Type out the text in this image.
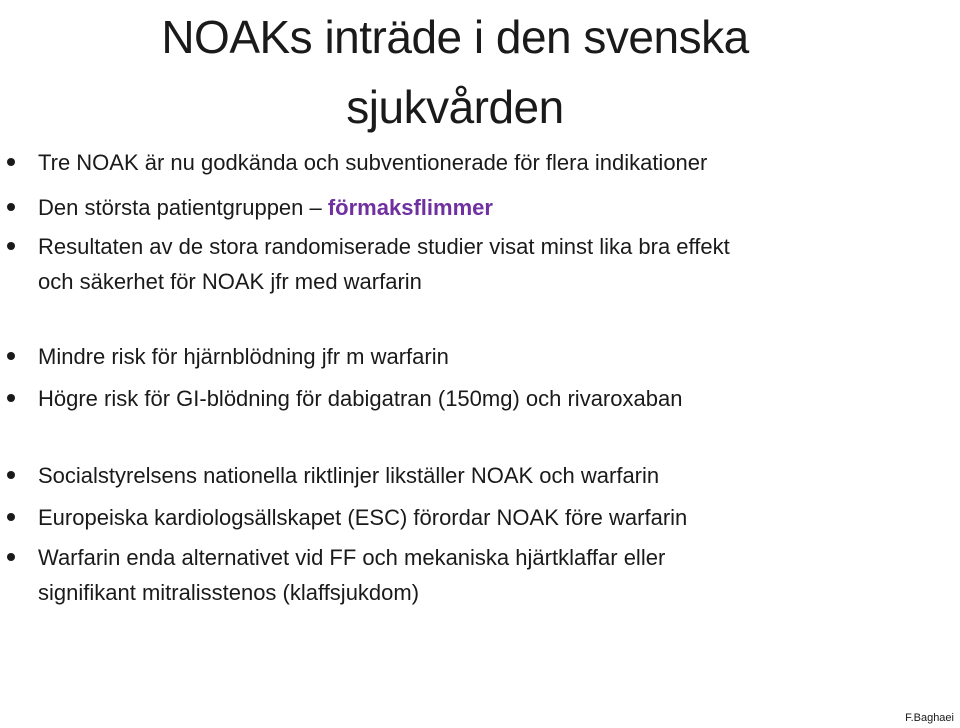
NOAKs inträde i den svenska
sjukvården
Tre NOAK är nu godkända och subventionerade för flera indikationer
Den största patientgruppen – förmaksflimmer
Resultaten av de stora randomiserade studier visat minst lika bra effekt
och säkerhet för NOAK jfr med warfarin
Mindre risk för hjärnblödning jfr m warfarin
Högre risk för GI-blödning för dabigatran (150mg) och rivaroxaban
Socialstyrelsens nationella riktlinjer likställer NOAK och warfarin
Europeiska kardiologsällskapet (ESC) förordar NOAK före warfarin
Warfarin enda alternativet vid FF och mekaniska hjärtklaffar eller
signifikant mitralisstenos (klaffsjukdom)
F.Baghaei
